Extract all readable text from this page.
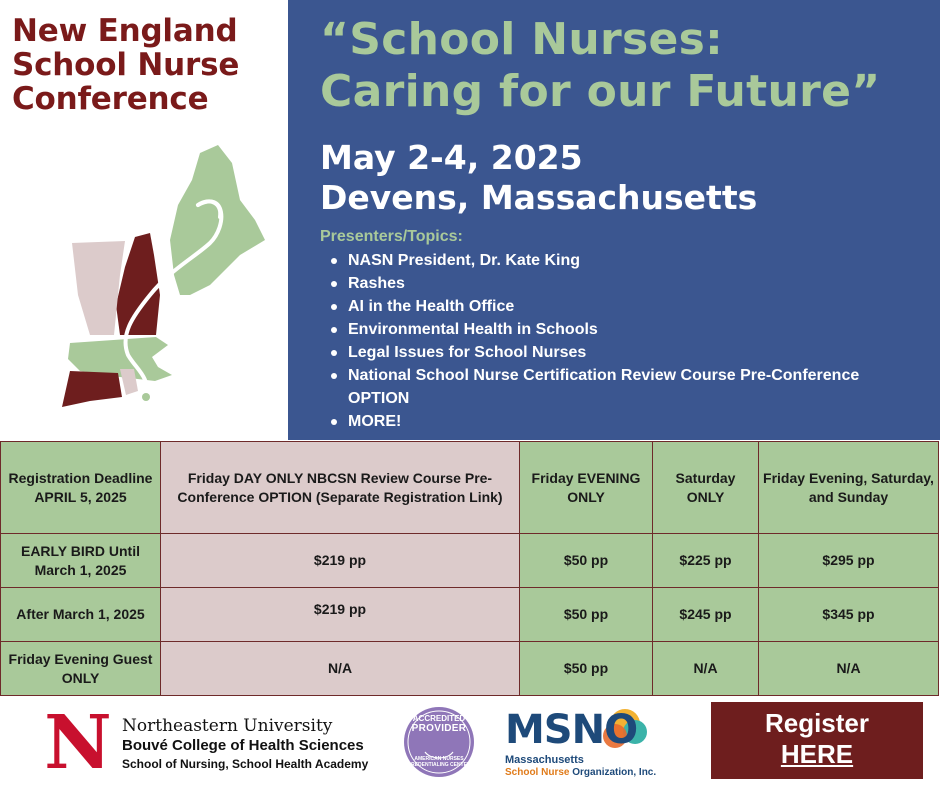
New England
School Nurse
Conference
“School Nurses:
Caring for our Future”
May 2-4, 2025
Devens, Massachusetts
Presenters/Topics:
NASN President, Dr. Kate King
Rashes
AI in the Health Office
Environmental Health in Schools
Legal Issues for School Nurses
National School Nurse Certification Review Course Pre-Conference OPTION
MORE!
Registration Deadline APRIL 5, 2025	Friday DAY ONLY NBCSN Review Course Pre-Conference OPTION (Separate Registration Link)	Friday EVENING ONLY	Saturday ONLY	Friday Evening, Saturday, and Sunday
EARLY BIRD Until March 1, 2025	$219 pp	$50 pp	$225 pp	$295 pp
After March 1, 2025	$219 pp	$50 pp	$245 pp	$345 pp
Friday Evening Guest ONLY	N/A	$50 pp	N/A	N/A
N Northeastern University
Bouvé College of Health Sciences
School of Nursing, School Health Academy
ACCREDITED
PROVIDER
AMERICAN NURSES
CREDENTIALING CENTER
MSNO
Massachusetts
School Nurse Organization, Inc.
Register
HERE
